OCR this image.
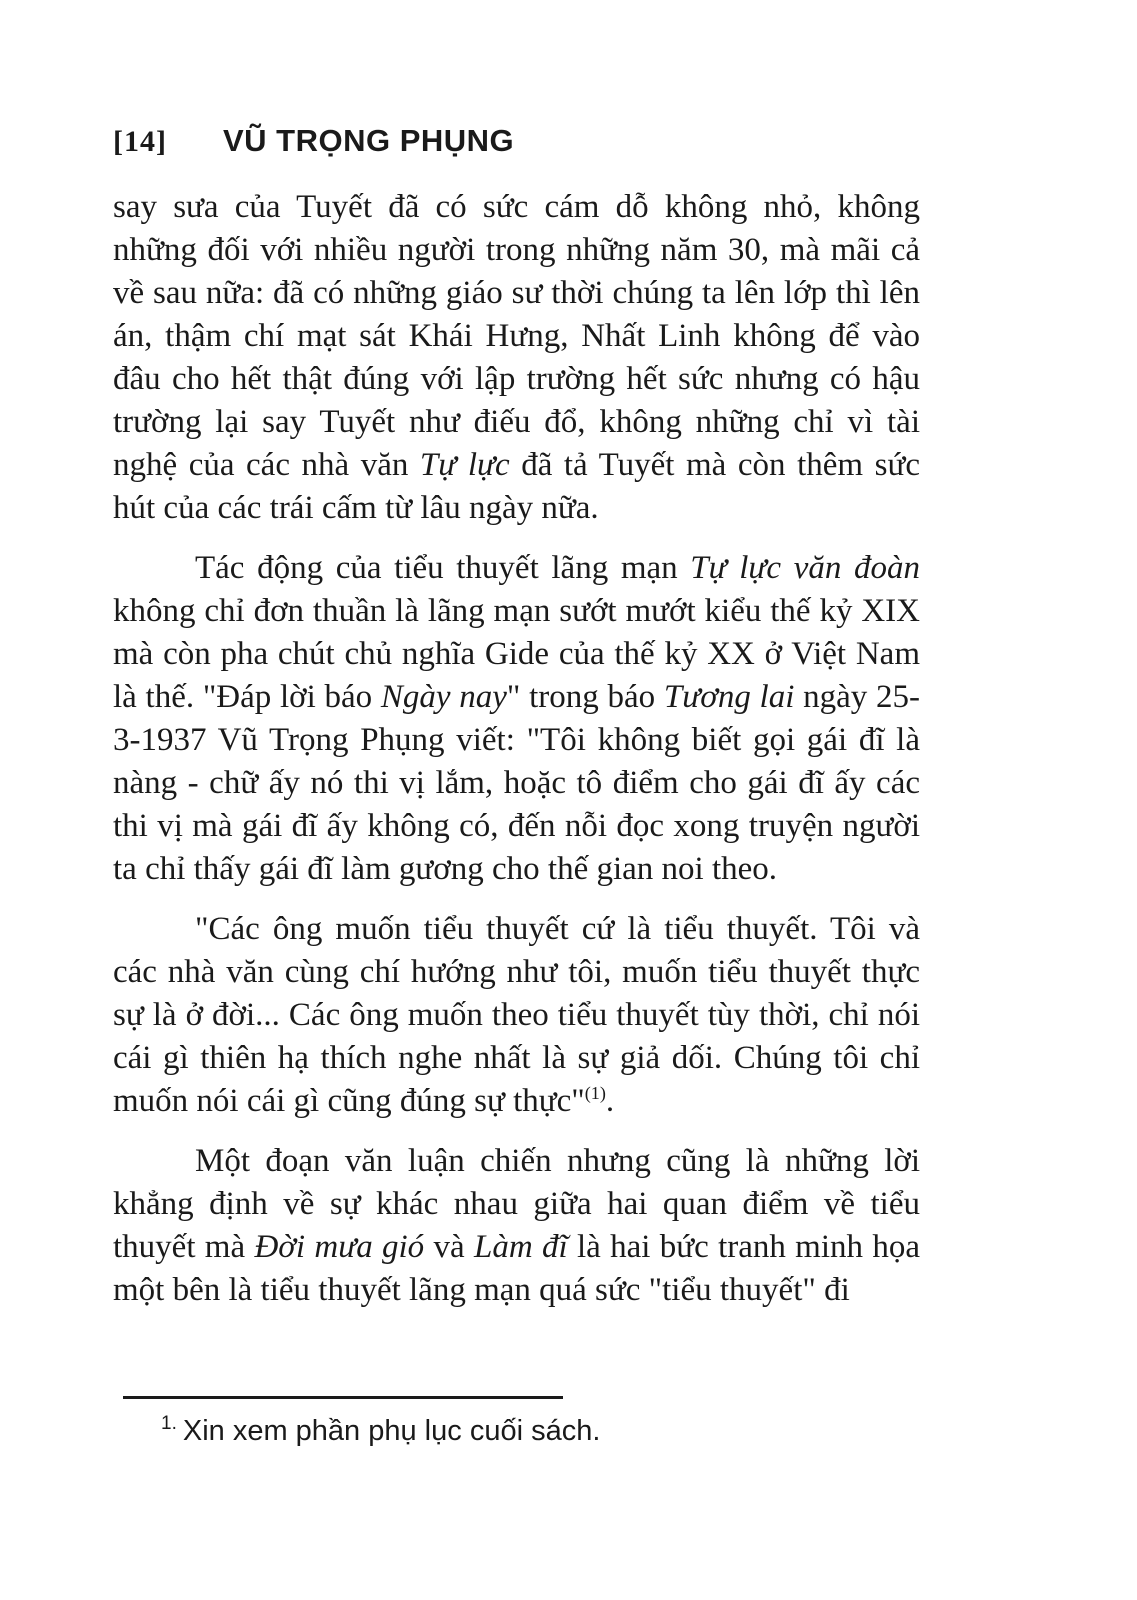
[14] VŨ TRỌNG PHỤNG

say sưa của Tuyết đã có sức cám dỗ không nhỏ, không những đối với nhiều người trong những năm 30, mà mãi cả về sau nữa: đã có những giáo sư thời chúng ta lên lớp thì lên án, thậm chí mạt sát Khái Hưng, Nhất Linh không để vào đâu cho hết thật đúng với lập trường hết sức nhưng có hậu trường lại say Tuyết như điếu đổ, không những chỉ vì tài nghệ của các nhà văn Tự lực đã tả Tuyết mà còn thêm sức hút của các trái cấm từ lâu ngày nữa.

Tác động của tiểu thuyết lãng mạn Tự lực văn đoàn không chỉ đơn thuần là lãng mạn sướt mướt kiểu thế kỷ XIX mà còn pha chút chủ nghĩa Gide của thế kỷ XX ở Việt Nam là thế. "Đáp lời báo Ngày nay" trong báo Tương lai ngày 25-3-1937 Vũ Trọng Phụng viết: "Tôi không biết gọi gái đĩ là nàng - chữ ấy nó thi vị lắm, hoặc tô điểm cho gái đĩ ấy các thi vị mà gái đĩ ấy không có, đến nỗi đọc xong truyện người ta chỉ thấy gái đĩ làm gương cho thế gian noi theo.

"Các ông muốn tiểu thuyết cứ là tiểu thuyết. Tôi và các nhà văn cùng chí hướng như tôi, muốn tiểu thuyết thực sự là ở đời... Các ông muốn theo tiểu thuyết tùy thời, chỉ nói cái gì thiên hạ thích nghe nhất là sự giả dối. Chúng tôi chỉ muốn nói cái gì cũng đúng sự thực"$^{(1)}$.

Một đoạn văn luận chiến nhưng cũng là những lời khẳng định về sự khác nhau giữa hai quan điểm về tiểu thuyết mà Đời mưa gió và Làm đĩ là hai bức tranh minh họa một bên là tiểu thuyết lãng mạn quá sức "tiểu thuyết" đi

$^{1.}$ Xin xem phần phụ lục cuối sách.
